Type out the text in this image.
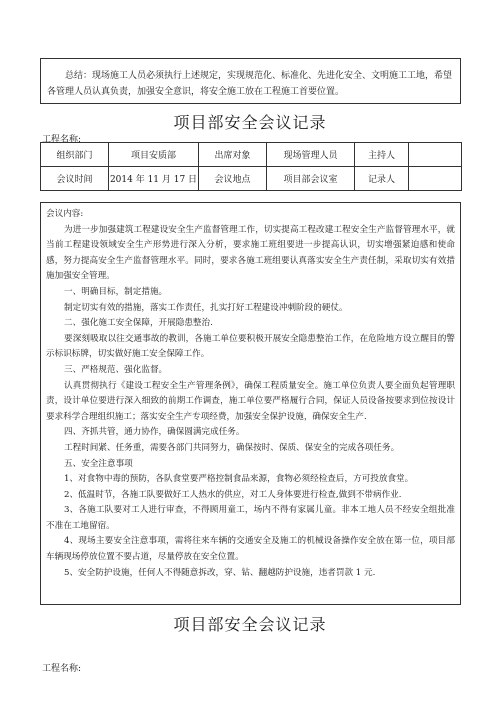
总结：现场施工人员必须执行上述规定，实现规范化、标准化、先进化安全、文明施工工地，希望各管理人员认真负责，加强安全意识，将安全施工放在工程施工首要位置。
项目部安全会议记录
工程名称:
组织部门	项目安质部	出席对象	现场管理人员	主持人	
会议时间	2014 年 11 月 17 日	会议地点	项目部会议室	记录人	
会议内容:

为进一步加强建筑工程建设安全生产监督管理工作，切实提高工程改建工程安全生产监督管理水平，就当前工程建设领域安全生产形势进行深入分析，要求施工班组要进一步提高认识，切实增强紧迫感和使命感，努力提高安全生产监督管理水平。同时，要求各施工班组要认真落实安全生产责任制，采取切实有效措施加强安全管理。

一、明确目标，制定措施。

制定切实有效的措施，落实工作责任，扎实打好工程建设冲刺阶段的硬仗。

二、强化施工安全保障，开展隐患整治.

要深刻吸取以往交通事故的教训，各施工单位要积极开展安全隐患整治工作，在危险地方设立醒目的警示标识标牌，切实做好施工安全保障工作。

三、严格规范、强化监督。

认真贯彻执行《建设工程安全生产管理条例》，确保工程质量安全。施工单位负责人要全面负起管理职责，设计单位要进行深入细致的前期工作调查，施工单位要严格履行合同，保证人员设备按要求到位按设计要求科学合理组织施工；落实安全生产专项经费，加强安全保护设施，确保安全生产.

四、齐抓共管，通力协作，确保圆满完成任务。

工程时间紧、任务重，需要各部门共同努力，确保按时、保质、保安全的完成各项任务。

五、安全注意事项

1、对食物中毒的预防，各队食堂要严格控制食品来源，食物必须经检查后，方可投放食堂。

2、低温时节，各施工队要做好工人热水的供应，对工人身体要进行检查,做到不带病作业.

3、各施工队要对工人进行审查，不得顾用童工，场内不得有家属儿童。非本工地人员不经安全组批准不准在工地留宿。

4、现场主要安全注意事项，需将往来车辆的交通安全及施工的机械设备操作安全放在第一位，项目部车辆现场停放位置不要占道，尽量停放在安全位置。

5、安全防护设施，任何人不得随意拆改，穿、钻、翻越防护设施，违者罚款 1 元.

项目部安全会议记录
工程名称:
